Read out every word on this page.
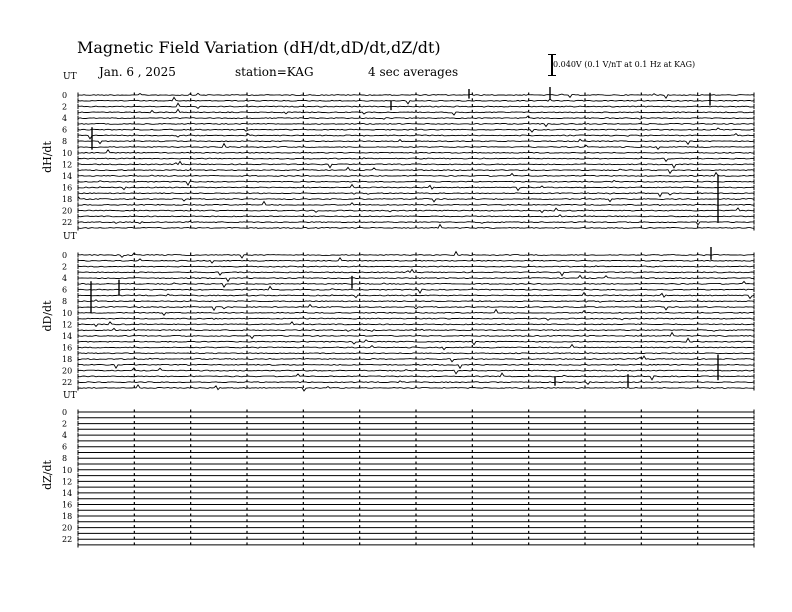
Magnetic Field Variation (dH/dt,dD/dt,dZ/dt)
Jan. 6 , 2025	station=KAG	4 sec averages
0.040V (0.1 V/nT at 0.1 Hz at KAG)
UT
dH/dt
0
2
4
6
8
10
12
14
16
18
20
22
UT
dD/dt
0
2
4
6
8
10
12
14
16
18
20
22
UT
dZ/dt
0
2
4
6
8
10
12
14
16
18
20
22
